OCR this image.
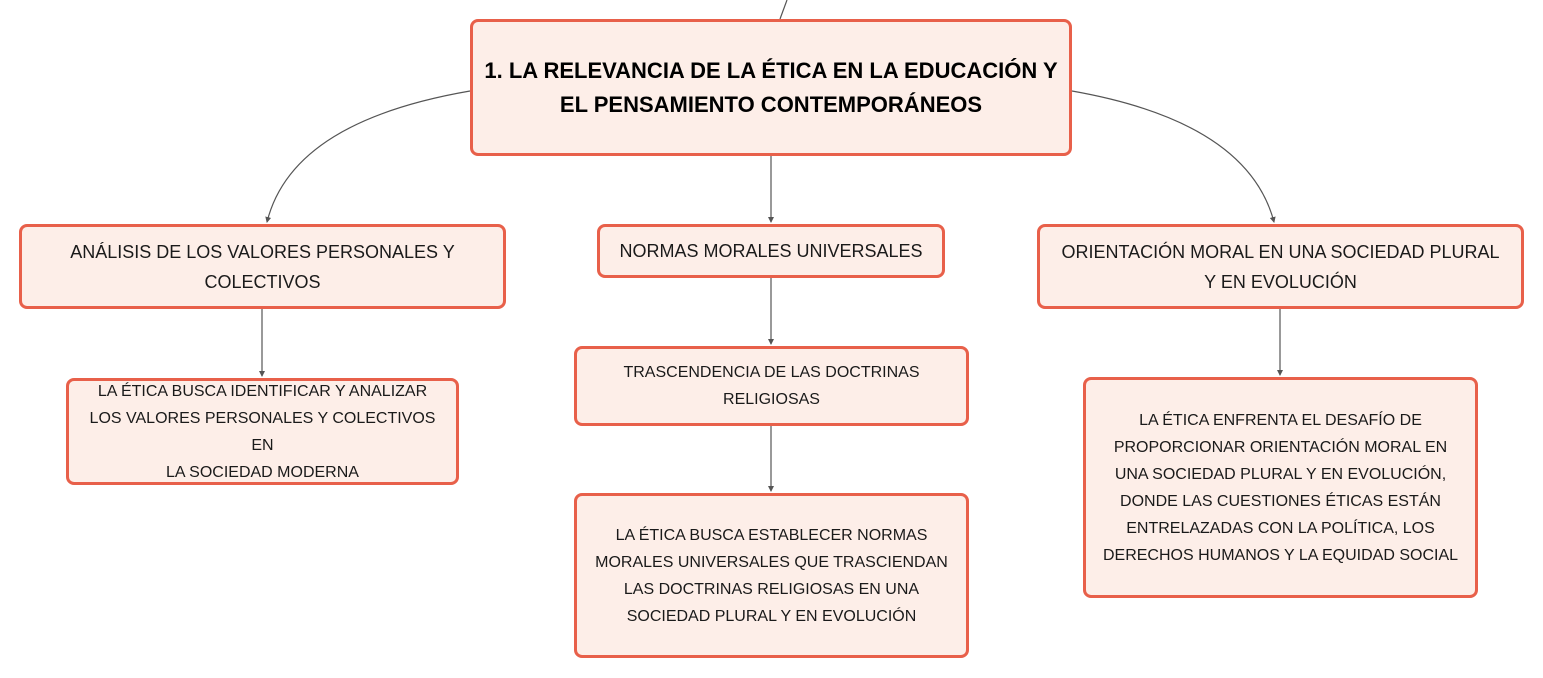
1. LA RELEVANCIA DE LA ÉTICA EN LA EDUCACIÓN Y
EL PENSAMIENTO CONTEMPORÁNEOS
ANÁLISIS DE LOS VALORES PERSONALES Y
COLECTIVOS
NORMAS MORALES UNIVERSALES	ORIENTACIÓN MORAL EN UNA SOCIEDAD PLURAL
Y EN EVOLUCIÓN
LA ÉTICA BUSCA IDENTIFICAR Y ANALIZAR
LOS VALORES PERSONALES Y COLECTIVOS EN
LA SOCIEDAD MODERNA
TRASCENDENCIA DE LAS DOCTRINAS
RELIGIOSAS
LA ÉTICA BUSCA ESTABLECER NORMAS
MORALES UNIVERSALES QUE TRASCIENDAN
LAS DOCTRINAS RELIGIOSAS EN UNA
SOCIEDAD PLURAL Y EN EVOLUCIÓN
LA ÉTICA ENFRENTA EL DESAFÍO DE
PROPORCIONAR ORIENTACIÓN MORAL EN
UNA SOCIEDAD PLURAL Y EN EVOLUCIÓN,
DONDE LAS CUESTIONES ÉTICAS ESTÁN
ENTRELAZADAS CON LA POLÍTICA, LOS
DERECHOS HUMANOS Y LA EQUIDAD SOCIAL
